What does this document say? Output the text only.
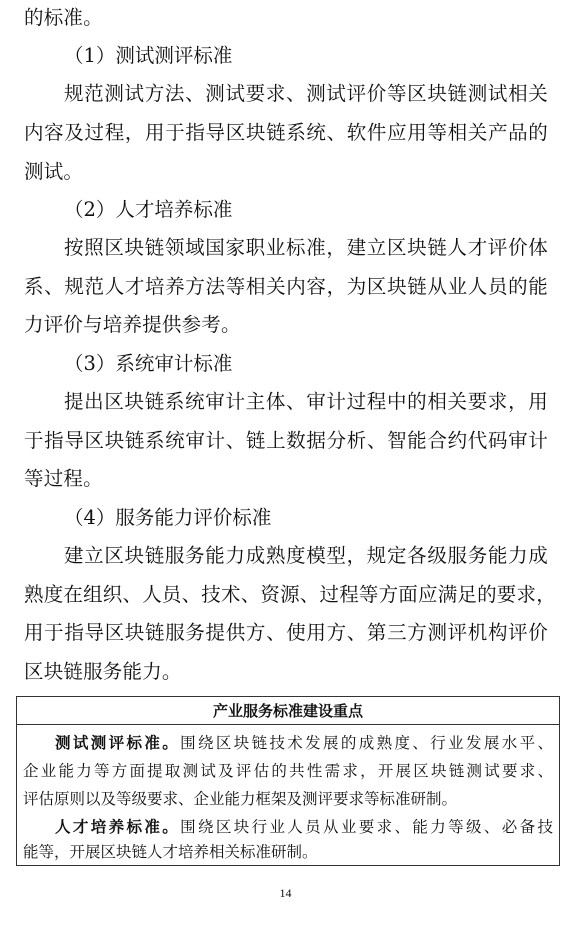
的标准。
（1）测试测评标准
规范测试方法、测试要求、测试评价等区块链测试相关
内容及过程，用于指导区块链系统、软件应用等相关产品的
测试。
（2）人才培养标准
按照区块链领域国家职业标准，建立区块链人才评价体
系、规范人才培养方法等相关内容，为区块链从业人员的能
力评价与培养提供参考。
（3）系统审计标准
提出区块链系统审计主体、审计过程中的相关要求，用
于指导区块链系统审计、链上数据分析、智能合约代码审计
等过程。
（4）服务能力评价标准
建立区块链服务能力成熟度模型，规定各级服务能力成
熟度在组织、人员、技术、资源、过程等方面应满足的要求，
用于指导区块链服务提供方、使用方、第三方测评机构评价
区块链服务能力。
产业服务标准建设重点
测试测评标准。围绕区块链技术发展的成熟度、行业发展水平、
企业能力等方面提取测试及评估的共性需求，开展区块链测试要求、
评估原则以及等级要求、企业能力框架及测评要求等标准研制。
人才培养标准。围绕区块行业人员从业要求、能力等级、必备技
能等，开展区块链人才培养相关标准研制。
14
